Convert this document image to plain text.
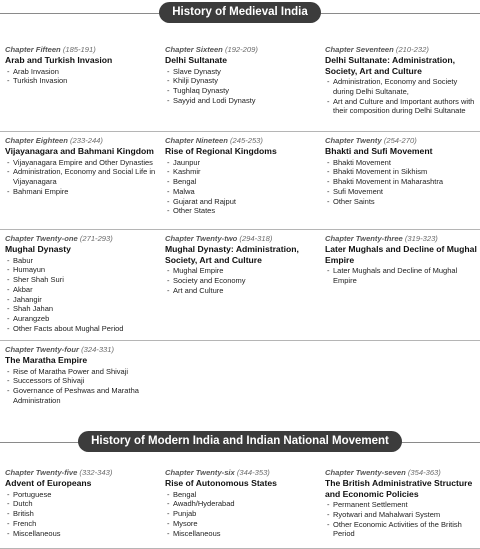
History of Medieval India
Chapter Fifteen (185-191)
Arab and Turkish Invasion
- Arab Invasion
- Turkish Invasion
Chapter Sixteen (192-209)
Delhi Sultanate
- Slave Dynasty
- Khilji Dynasty
- Tughlaq Dynasty
- Sayyid and Lodi Dynasty
Chapter Seventeen (210-232)
Delhi Sultanate: Administration, Society, Art and Culture
- Administration, Economy and Society during Delhi Sultanate,
- Art and Culture and Important authors with their composition during Delhi Sultanate
Chapter Eighteen (233-244)
Vijayanagara and Bahmani Kingdom
- Vijayanagara Empire and Other Dynasties
- Administration, Economy and Social Life in Vijayanagara
- Bahmani Empire
Chapter Nineteen (245-253)
Rise of Regional Kingdoms
- Jaunpur
- Kashmir
- Bengal
- Malwa
- Gujarat and Rajput
- Other States
Chapter Twenty (254-270)
Bhakti and Sufi Movement
- Bhakti Movement
- Bhakti Movement in Sikhism
- Bhakti Movement in Maharashtra
- Sufi Movement
- Other Saints
Chapter Twenty-one (271-293)
Mughal Dynasty
- Babur
- Humayun
- Sher Shah Suri
- Akbar
- Jahangir
- Shah Jahan
- Aurangzeb
- Other Facts about Mughal Period
Chapter Twenty-two (294-318)
Mughal Dynasty: Administration, Society, Art and Culture
- Mughal Empire
- Society and Economy
- Art and Culture
Chapter Twenty-three (319-323)
Later Mughals and Decline of Mughal Empire
- Later Mughals and Decline of Mughal Empire
Chapter Twenty-four (324-331)
The Maratha Empire
- Rise of Maratha Power and Shivaji
- Successors of Shivaji
- Governance of Peshwas and Maratha Administration
History of Modern India and Indian National Movement
Chapter Twenty-five (332-343)
Advent of Europeans
- Portuguese
- Dutch
- British
- French
- Miscellaneous
Chapter Twenty-six (344-353)
Rise of Autonomous States
- Bengal
- Awadh/Hyderabad
- Punjab
- Mysore
- Miscellaneous
Chapter Twenty-seven (354-363)
The British Administrative Structure and Economic Policies
- Permanent Settlement
- Ryotwari and Mahalwari System
- Other Economic Activities of the British Period
